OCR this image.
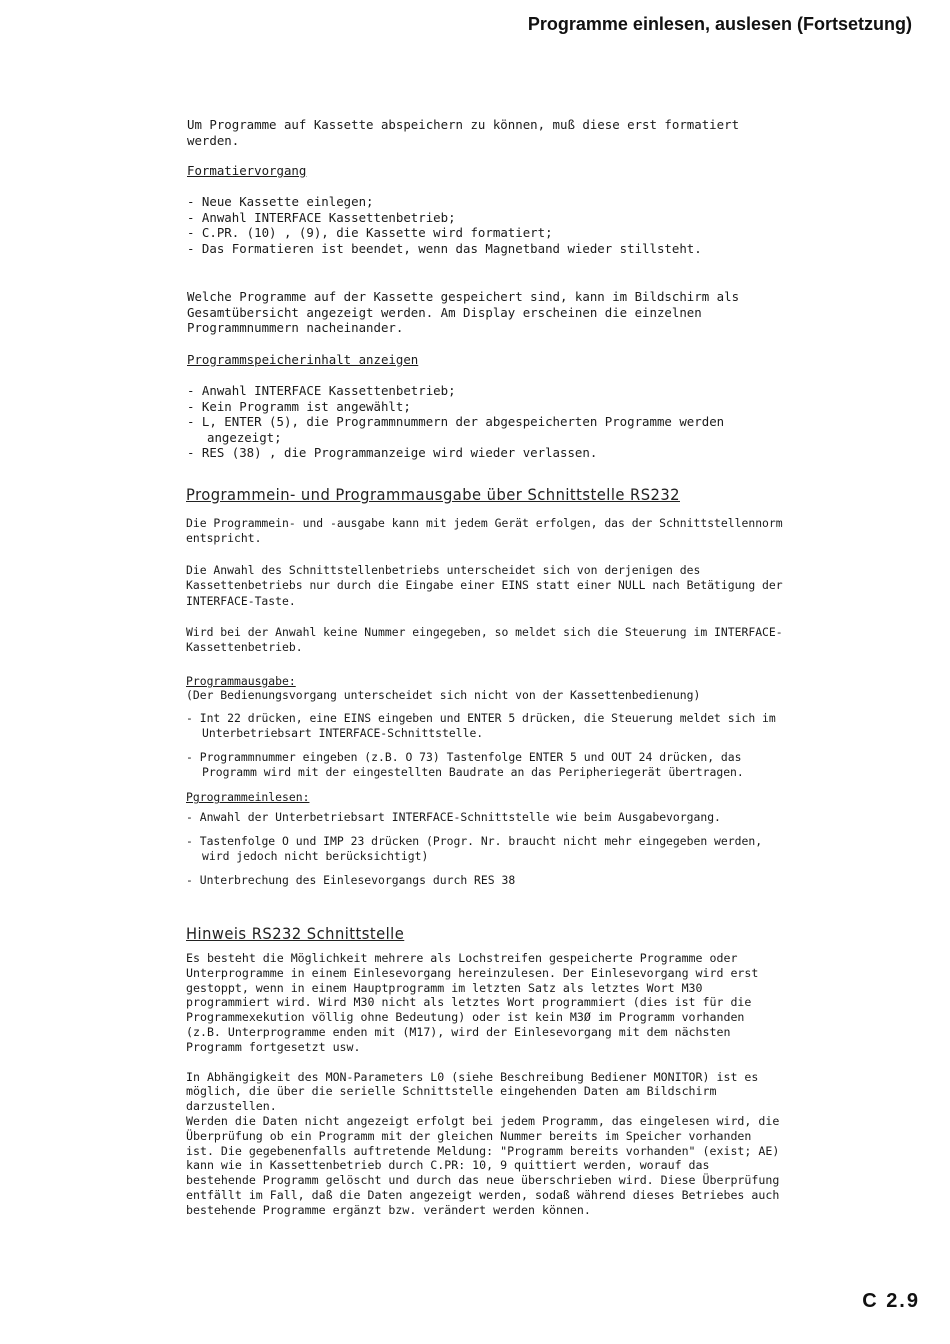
Programme einlesen, auslesen (Fortsetzung)

Um Programme auf Kassette abspeichern zu können, muß diese erst formatiert werden.

Formatiervorgang

- Neue Kassette einlegen;
- Anwahl INTERFACE Kassettenbetrieb;
- C.PR. (10) , (9), die Kassette wird formatiert;
- Das Formatieren ist beendet, wenn das Magnetband wieder stillsteht.

Welche Programme auf der Kassette gespeichert sind, kann im Bildschirm als Gesamtübersicht angezeigt werden. Am Display erscheinen die einzelnen Programmnummern nacheinander.

Programmspeicherinhalt anzeigen

- Anwahl INTERFACE Kassettenbetrieb;
- Kein Programm ist angewählt;
- L, ENTER (5), die Programmnummern der abgespeicherten Programme werden angezeigt;
- RES (38) , die Programmanzeige wird wieder verlassen.

Programmein- und Programmausgabe über Schnittstelle RS232

Die Programmein- und -ausgabe kann mit jedem Gerät erfolgen, das der Schnittstellennorm entspricht.

Die Anwahl des Schnittstellenbetriebs unterscheidet sich von derjenigen des Kassettenbetriebs nur durch die Eingabe einer EINS statt einer NULL nach Betätigung der INTERFACE-Taste.

Wird bei der Anwahl keine Nummer eingegeben, so meldet sich die Steuerung im INTERFACE-Kassettenbetrieb.

Programmausgabe:

(Der Bedienungsvorgang unterscheidet sich nicht von der Kassettenbedienung)

- Int 22 drücken, eine EINS eingeben und ENTER 5 drücken, die Steuerung meldet sich im Unterbetriebsart INTERFACE-Schnittstelle.
- Programmnummer eingeben (z.B. O 73) Tastenfolge ENTER 5 und OUT 24 drücken, das Programm wird mit der eingestellten Baudrate an das Peripheriegerät übertragen.

Pgrogrammeinlesen:

- Anwahl der Unterbetriebsart INTERFACE-Schnittstelle wie beim Ausgabevorgang.
- Tastenfolge O und IMP 23 drücken (Progr. Nr. braucht nicht mehr eingegeben werden, wird jedoch nicht berücksichtigt)
- Unterbrechung des Einlesevorgangs durch RES 38

Hinweis RS232 Schnittstelle

Es besteht die Möglichkeit mehrere als Lochstreifen gespeicherte Programme oder Unterprogramme in einem Einlesevorgang hereinzulesen. Der Einlesevorgang wird erst gestoppt, wenn in einem Hauptprogramm im letzten Satz als letztes Wort M30 programmiert wird. Wird M30 nicht als letztes Wort programmiert (dies ist für die Programmexekution völlig ohne Bedeutung) oder ist kein M3Ø im Programm vorhanden (z.B. Unterprogramme enden mit (M17), wird der Einlesevorgang mit dem nächsten Programm fortgesetzt usw.

In Abhängigkeit des MON-Parameters L0 (siehe Beschreibung Bediener MONITOR) ist es möglich, die über die serielle Schnittstelle eingehenden Daten am Bildschirm darzustellen.

Werden die Daten nicht angezeigt erfolgt bei jedem Programm, das eingelesen wird, die Überprüfung ob ein Programm mit der gleichen Nummer bereits im Speicher vorhanden ist. Die gegebenenfalls auftretende Meldung: "Programm bereits vorhanden" (exist; AE) kann wie in Kassettenbetrieb durch C.PR: 10, 9 quittiert werden, worauf das bestehende Programm gelöscht und durch das neue überschrieben wird. Diese Überprüfung entfällt im Fall, daß die Daten angezeigt werden, sodaß während dieses Betriebes auch bestehende Programme ergänzt bzw. verändert werden können.

C 2.9
